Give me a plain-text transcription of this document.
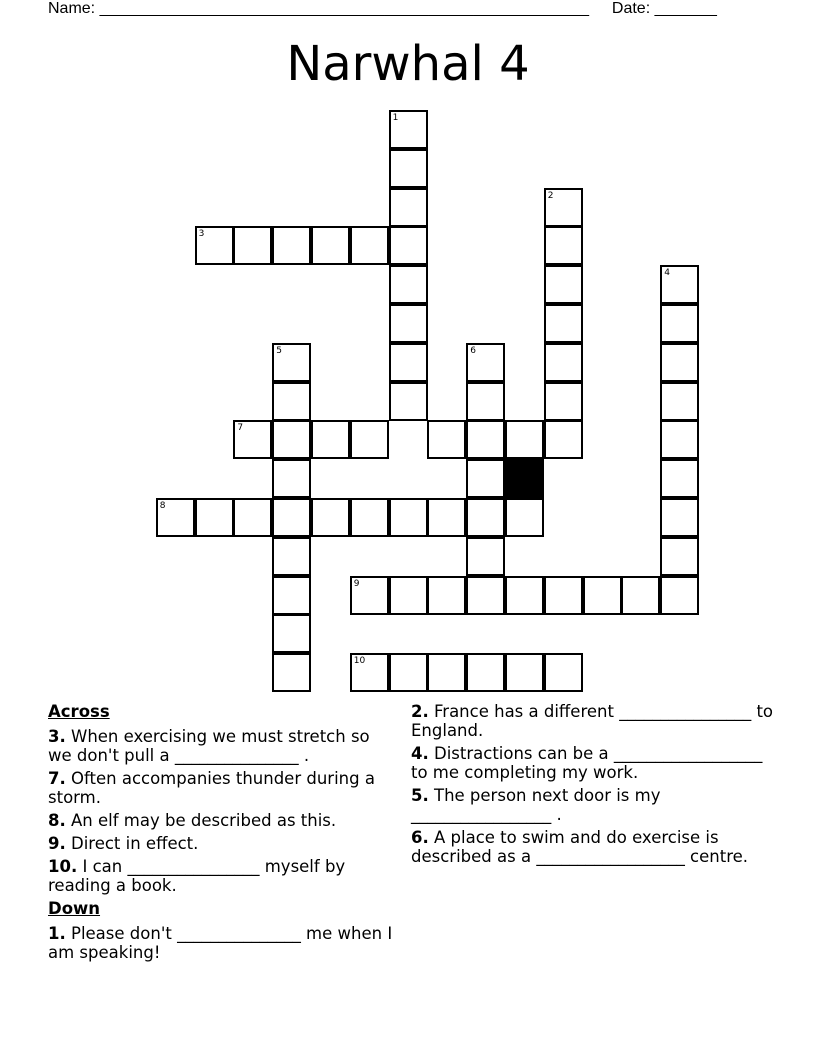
Name: _______________________________________________________ Date: _______
Narwhal 4
1
2
3
4
5	6
7
8
9
10
Across
3. When exercising we must stretch so we don't pull a _______________ .
7. Often accompanies thunder during a storm.
8. An elf may be described as this.
9. Direct in effect.
10. I can ________________ myself by reading a book.
Down
1. Please don't _______________ me when I am speaking!
2. France has a different ________________ to England.
4. Distractions can be a __________________ to me completing my work.
5. The person next door is my _________________ .
6. A place to swim and do exercise is described as a __________________ centre.
